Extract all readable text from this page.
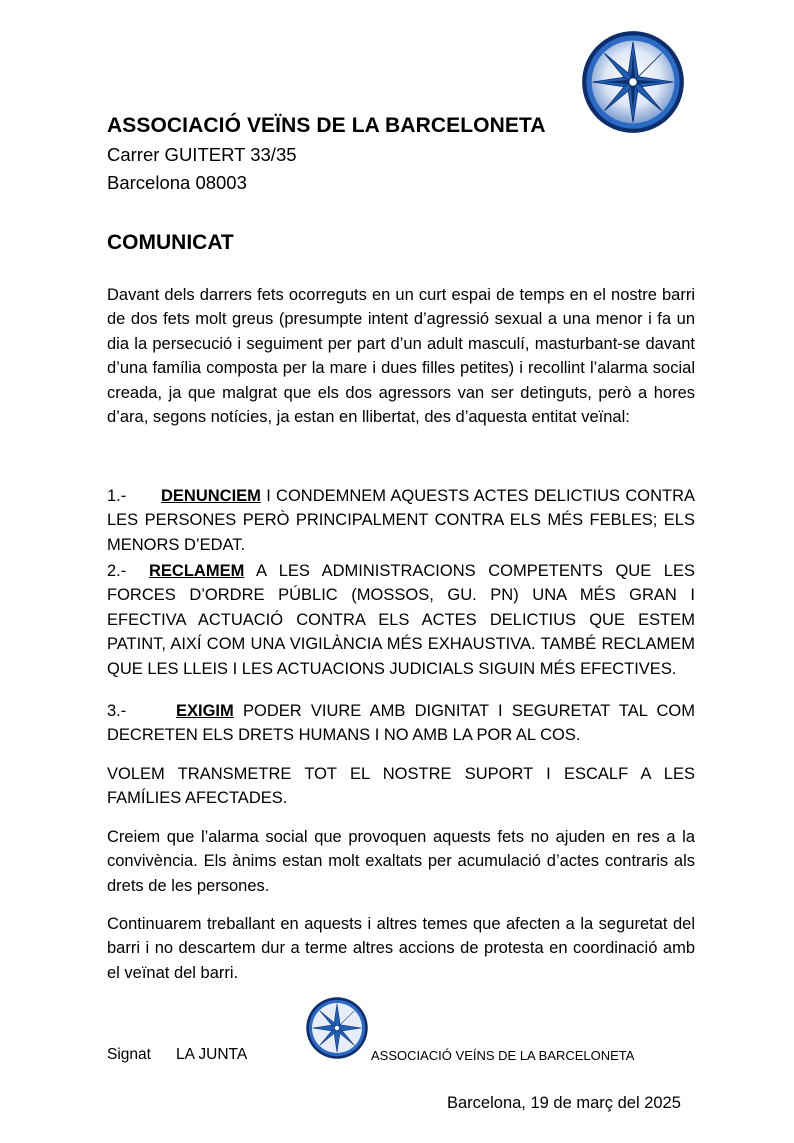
ASSOCIACIÓ VEÏNS DE LA BARCELONETA
Carrer GUITERT 33/35
Barcelona 08003
COMUNICAT
Davant dels darrers fets ocorreguts en un curt espai de temps en el nostre barri de dos fets molt greus (presumpte intent d’agressió sexual a una menor i fa un dia la persecució i seguiment per part d’un adult masculí, masturbant-se davant d’una família composta per la mare i dues filles petites) i recollint l’alarma social creada, ja que malgrat que els dos agressors van ser detinguts, però a hores d’ara, segons notícies, ja estan en llibertat, des d’aquesta entitat veïnal:
1.- DENUNCIEM I CONDEMNEM AQUESTS ACTES DELICTIUS CONTRA LES PERSONES PERÒ PRINCIPALMENT CONTRA ELS MÉS FEBLES; ELS MENORS D’EDAT.
2.- RECLAMEM A LES ADMINISTRACIONS COMPETENTS QUE LES FORCES D’ORDRE PÚBLIC (MOSSOS, GU. PN) UNA MÉS GRAN I EFECTIVA ACTUACIÓ CONTRA ELS ACTES DELICTIUS QUE ESTEM PATINT, AIXÍ COM UNA VIGILÀNCIA MÉS EXHAUSTIVA. TAMBÉ RECLAMEM QUE LES LLEIS I LES ACTUACIONS JUDICIALS SIGUIN MÉS EFECTIVES.
3.-	EXIGIM PODER VIURE AMB DIGNITAT I SEGURETAT TAL COM DECRETEN ELS DRETS HUMANS I NO AMB LA POR AL COS.
VOLEM TRANSMETRE TOT EL NOSTRE SUPORT I ESCALF A LES FAMÍLIES AFECTADES.
Creiem que l’alarma social que provoquen aquests fets no ajuden en res a la convivència. Els ànims estan molt exaltats per acumulació d’actes contraris als drets de les persones.
Continuarem treballant en aquests i altres temes que afecten a la seguretat del barri i no descartem dur a terme altres accions de protesta en coordinació amb el veïnat del barri.
Signat LA JUNTA	ASSOCIACIÓ VEÍNS DE LA BARCELONETA
Barcelona, 19 de març del 2025
